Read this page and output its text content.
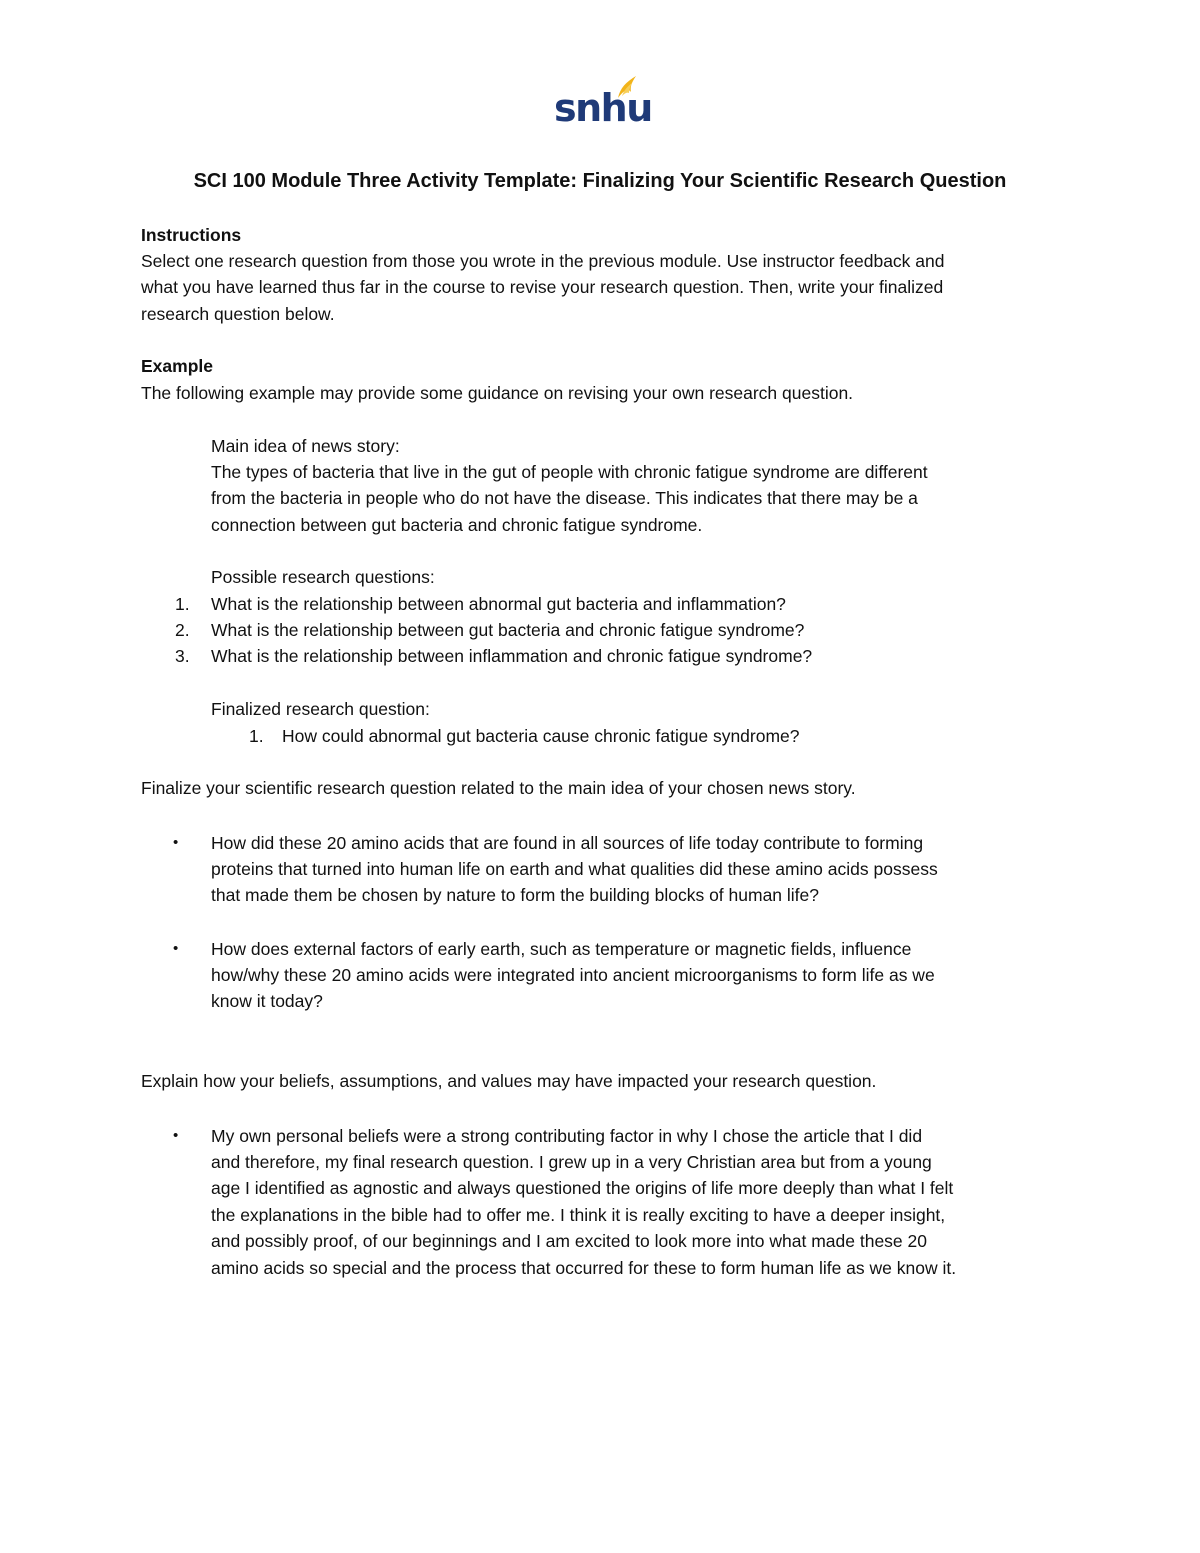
snhu
SCI 100 Module Three Activity Template: Finalizing Your Scientific Research Question
Instructions
Select one research question from those you wrote in the previous module. Use instructor feedback and
what you have learned thus far in the course to revise your research question. Then, write your finalized
research question below.
Example
The following example may provide some guidance on revising your own research question.
Main idea of news story:
The types of bacteria that live in the gut of people with chronic fatigue syndrome are different
from the bacteria in people who do not have the disease. This indicates that there may be a
connection between gut bacteria and chronic fatigue syndrome.
Possible research questions:
1. What is the relationship between abnormal gut bacteria and inflammation?
2. What is the relationship between gut bacteria and chronic fatigue syndrome?
3. What is the relationship between inflammation and chronic fatigue syndrome?
Finalized research question:
1. How could abnormal gut bacteria cause chronic fatigue syndrome?
Finalize your scientific research question related to the main idea of your chosen news story.
• How did these 20 amino acids that are found in all sources of life today contribute to forming
proteins that turned into human life on earth and what qualities did these amino acids possess
that made them be chosen by nature to form the building blocks of human life?
• How does external factors of early earth, such as temperature or magnetic fields, influence
how/why these 20 amino acids were integrated into ancient microorganisms to form life as we
know it today?
Explain how your beliefs, assumptions, and values may have impacted your research question.
• My own personal beliefs were a strong contributing factor in why I chose the article that I did
and therefore, my final research question. I grew up in a very Christian area but from a young
age I identified as agnostic and always questioned the origins of life more deeply than what I felt
the explanations in the bible had to offer me. I think it is really exciting to have a deeper insight,
and possibly proof, of our beginnings and I am excited to look more into what made these 20
amino acids so special and the process that occurred for these to form human life as we know it.
